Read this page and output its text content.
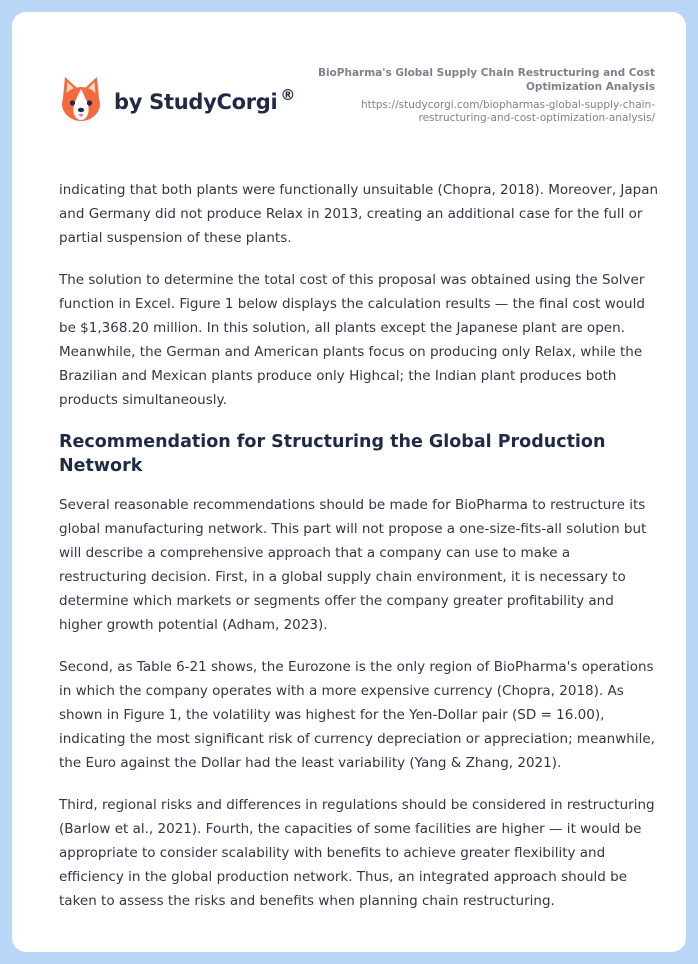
by StudyCorgi ®
BioPharma's Global Supply Chain Restructuring and Cost Optimization Analysis
https://studycorgi.com/biopharmas-global-supply-chain-restructuring-and-cost-optimization-analysis/

indicating that both plants were functionally unsuitable (Chopra, 2018). Moreover, Japan and Germany did not produce Relax in 2013, creating an additional case for the full or partial suspension of these plants.

The solution to determine the total cost of this proposal was obtained using the Solver function in Excel. Figure 1 below displays the calculation results — the final cost would be $1,368.20 million. In this solution, all plants except the Japanese plant are open. Meanwhile, the German and American plants focus on producing only Relax, while the Brazilian and Mexican plants produce only Highcal; the Indian plant produces both products simultaneously.

Recommendation for Structuring the Global Production Network

Several reasonable recommendations should be made for BioPharma to restructure its global manufacturing network. This part will not propose a one-size-fits-all solution but will describe a comprehensive approach that a company can use to make a restructuring decision. First, in a global supply chain environment, it is necessary to determine which markets or segments offer the company greater profitability and higher growth potential (Adham, 2023).

Second, as Table 6-21 shows, the Eurozone is the only region of BioPharma's operations in which the company operates with a more expensive currency (Chopra, 2018). As shown in Figure 1, the volatility was highest for the Yen-Dollar pair (SD = 16.00), indicating the most significant risk of currency depreciation or appreciation; meanwhile, the Euro against the Dollar had the least variability (Yang & Zhang, 2021).

Third, regional risks and differences in regulations should be considered in restructuring (Barlow et al., 2021). Fourth, the capacities of some facilities are higher — it would be appropriate to consider scalability with benefits to achieve greater flexibility and efficiency in the global production network. Thus, an integrated approach should be taken to assess the risks and benefits when planning chain restructuring.
